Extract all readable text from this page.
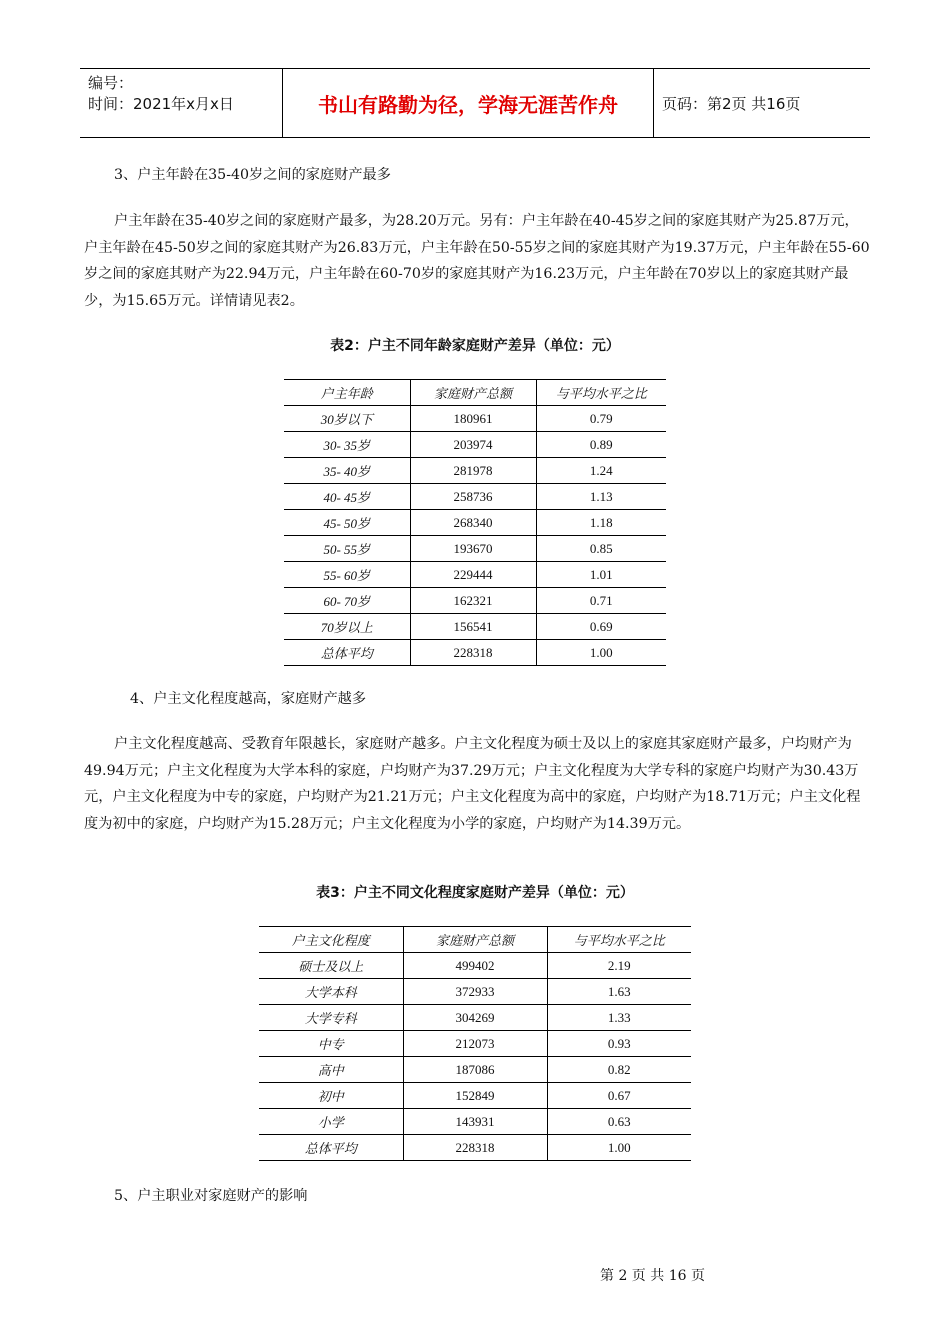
编号：
时间：2021年x月x日	书山有路勤为径，学海无涯苦作舟	页码：第2页 共16页
3、户主年龄在35-40岁之间的家庭财产最多
户主年龄在35-40岁之间的家庭财产最多，为28.20万元。另有：户主年龄在40-45岁之间的家庭其财产为25.87万元，户主年龄在45-50岁之间的家庭其财产为26.83万元，户主年龄在50-55岁之间的家庭其财产为19.37万元，户主年龄在55-60岁之间的家庭其财产为22.94万元，户主年龄在60-70岁的家庭其财产为16.23万元，户主年龄在70岁以上的家庭其财产最少，为15.65万元。详情请见表2。
表2：户主不同年龄家庭财产差异（单位：元）
户主年龄	家庭财产总额	与平均水平之比
30岁以下	180961	0.79
30- 35岁	203974	0.89
35- 40岁	281978	1.24
40- 45岁	258736	1.13
45- 50岁	268340	1.18
50- 55岁	193670	0.85
55- 60岁	229444	1.01
60- 70岁	162321	0.71
70岁以上	156541	0.69
总体平均	228318	1.00
4、户主文化程度越高，家庭财产越多
户主文化程度越高、受教育年限越长，家庭财产越多。户主文化程度为硕士及以上的家庭其家庭财产最多，户均财产为49.94万元；户主文化程度为大学本科的家庭，户均财产为37.29万元；户主文化程度为大学专科的家庭户均财产为30.43万元，户主文化程度为中专的家庭，户均财产为21.21万元；户主文化程度为高中的家庭，户均财产为18.71万元；户主文化程度为初中的家庭，户均财产为15.28万元；户主文化程度为小学的家庭，户均财产为14.39万元。
表3：户主不同文化程度家庭财产差异（单位：元）
户主文化程度	家庭财产总额	与平均水平之比
硕士及以上	499402	2.19
大学本科	372933	1.63
大学专科	304269	1.33
中专	212073	0.93
高中	187086	0.82
初中	152849	0.67
小学	143931	0.63
总体平均	228318	1.00
5、户主职业对家庭财产的影响
第 2 页 共 16 页
